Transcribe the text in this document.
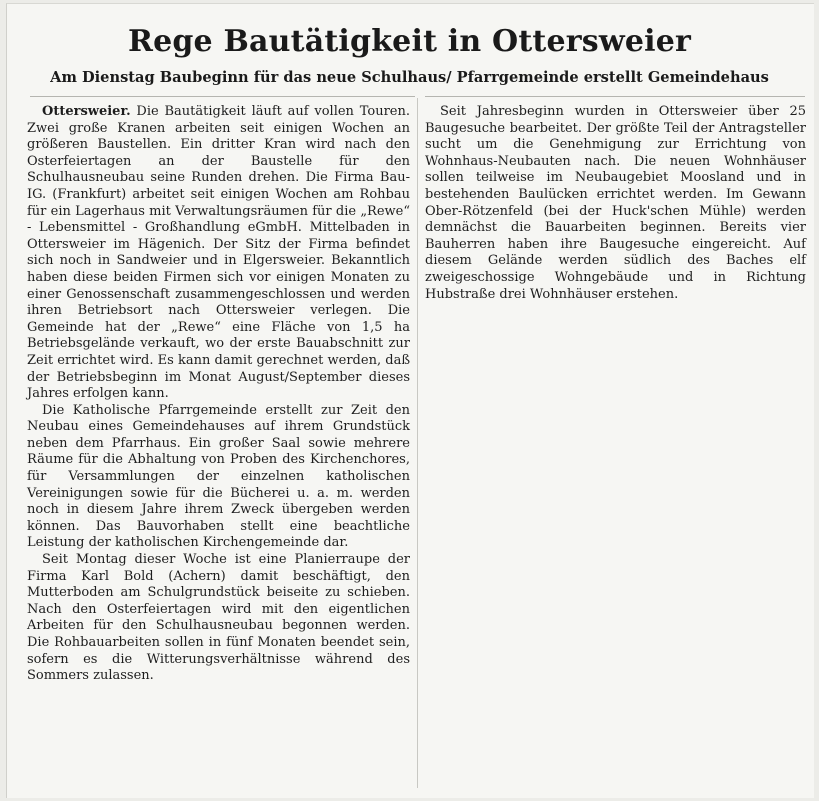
Rege Bautätigkeit in Ottersweier
Am Dienstag Baubeginn für das neue Schulhaus/ Pfarrgemeinde erstellt Gemeindehaus

Ottersweier. Die Bautätigkeit läuft auf vollen Touren. Zwei große Kranen arbeiten seit einigen Wochen an größeren Baustellen. Ein dritter Kran wird nach den Osterfeiertagen an der Baustelle für den Schulhausneubau seine Runden drehen. Die Firma Bau-IG. (Frankfurt) arbeitet seit einigen Wochen am Rohbau für ein Lagerhaus mit Verwaltungsräumen für die „Rewe“ - Lebensmittel - Großhandlung eGmbH. Mittelbaden in Ottersweier im Hägenich. Der Sitz der Firma befindet sich noch in Sandweier und in Elgersweier. Bekanntlich haben diese beiden Firmen sich vor einigen Monaten zu einer Genossenschaft zusammengeschlossen und werden ihren Betriebsort nach Ottersweier verlegen. Die Gemeinde hat der „Rewe“ eine Fläche von 1,5 ha Betriebsgelände verkauft, wo der erste Bauabschnitt zur Zeit errichtet wird. Es kann damit gerechnet werden, daß der Betriebsbeginn im Monat August/September dieses Jahres erfolgen kann.

Die Katholische Pfarrgemeinde erstellt zur Zeit den Neubau eines Gemeindehauses auf ihrem Grundstück neben dem Pfarrhaus. Ein großer Saal sowie mehrere Räume für die Abhaltung von Proben des Kirchenchores, für Versammlungen der einzelnen katholischen Vereinigungen sowie für die Bücherei u. a. m. werden noch in diesem Jahre ihrem Zweck übergeben werden können. Das Bauvorhaben stellt eine beachtliche Leistung der katholischen Kirchengemeinde dar.

Seit Montag dieser Woche ist eine Planierraupe der Firma Karl Bold (Achern) damit beschäftigt, den Mutterboden am Schulgrundstück beiseite zu schieben. Nach den Osterfeiertagen wird mit den eigentlichen Arbeiten für den Schulhausneubau begonnen werden. Die Rohbauarbeiten sollen in fünf Monaten beendet sein, sofern es die Witterungsverhältnisse während des Sommers zulassen.

Seit Jahresbeginn wurden in Ottersweier über 25 Baugesuche bearbeitet. Der größte Teil der Antragsteller sucht um die Genehmigung zur Errichtung von Wohnhaus-Neubauten nach. Die neuen Wohnhäuser sollen teilweise im Neubaugebiet Moosland und in bestehenden Baulücken errichtet werden. Im Gewann Ober-Rötzenfeld (bei der Huck'schen Mühle) werden demnächst die Bauarbeiten beginnen. Bereits vier Bauherren haben ihre Baugesuche eingereicht. Auf diesem Gelände werden südlich des Baches elf zweigeschossige Wohngebäude und in Richtung Hubstraße drei Wohnhäuser erstehen.
